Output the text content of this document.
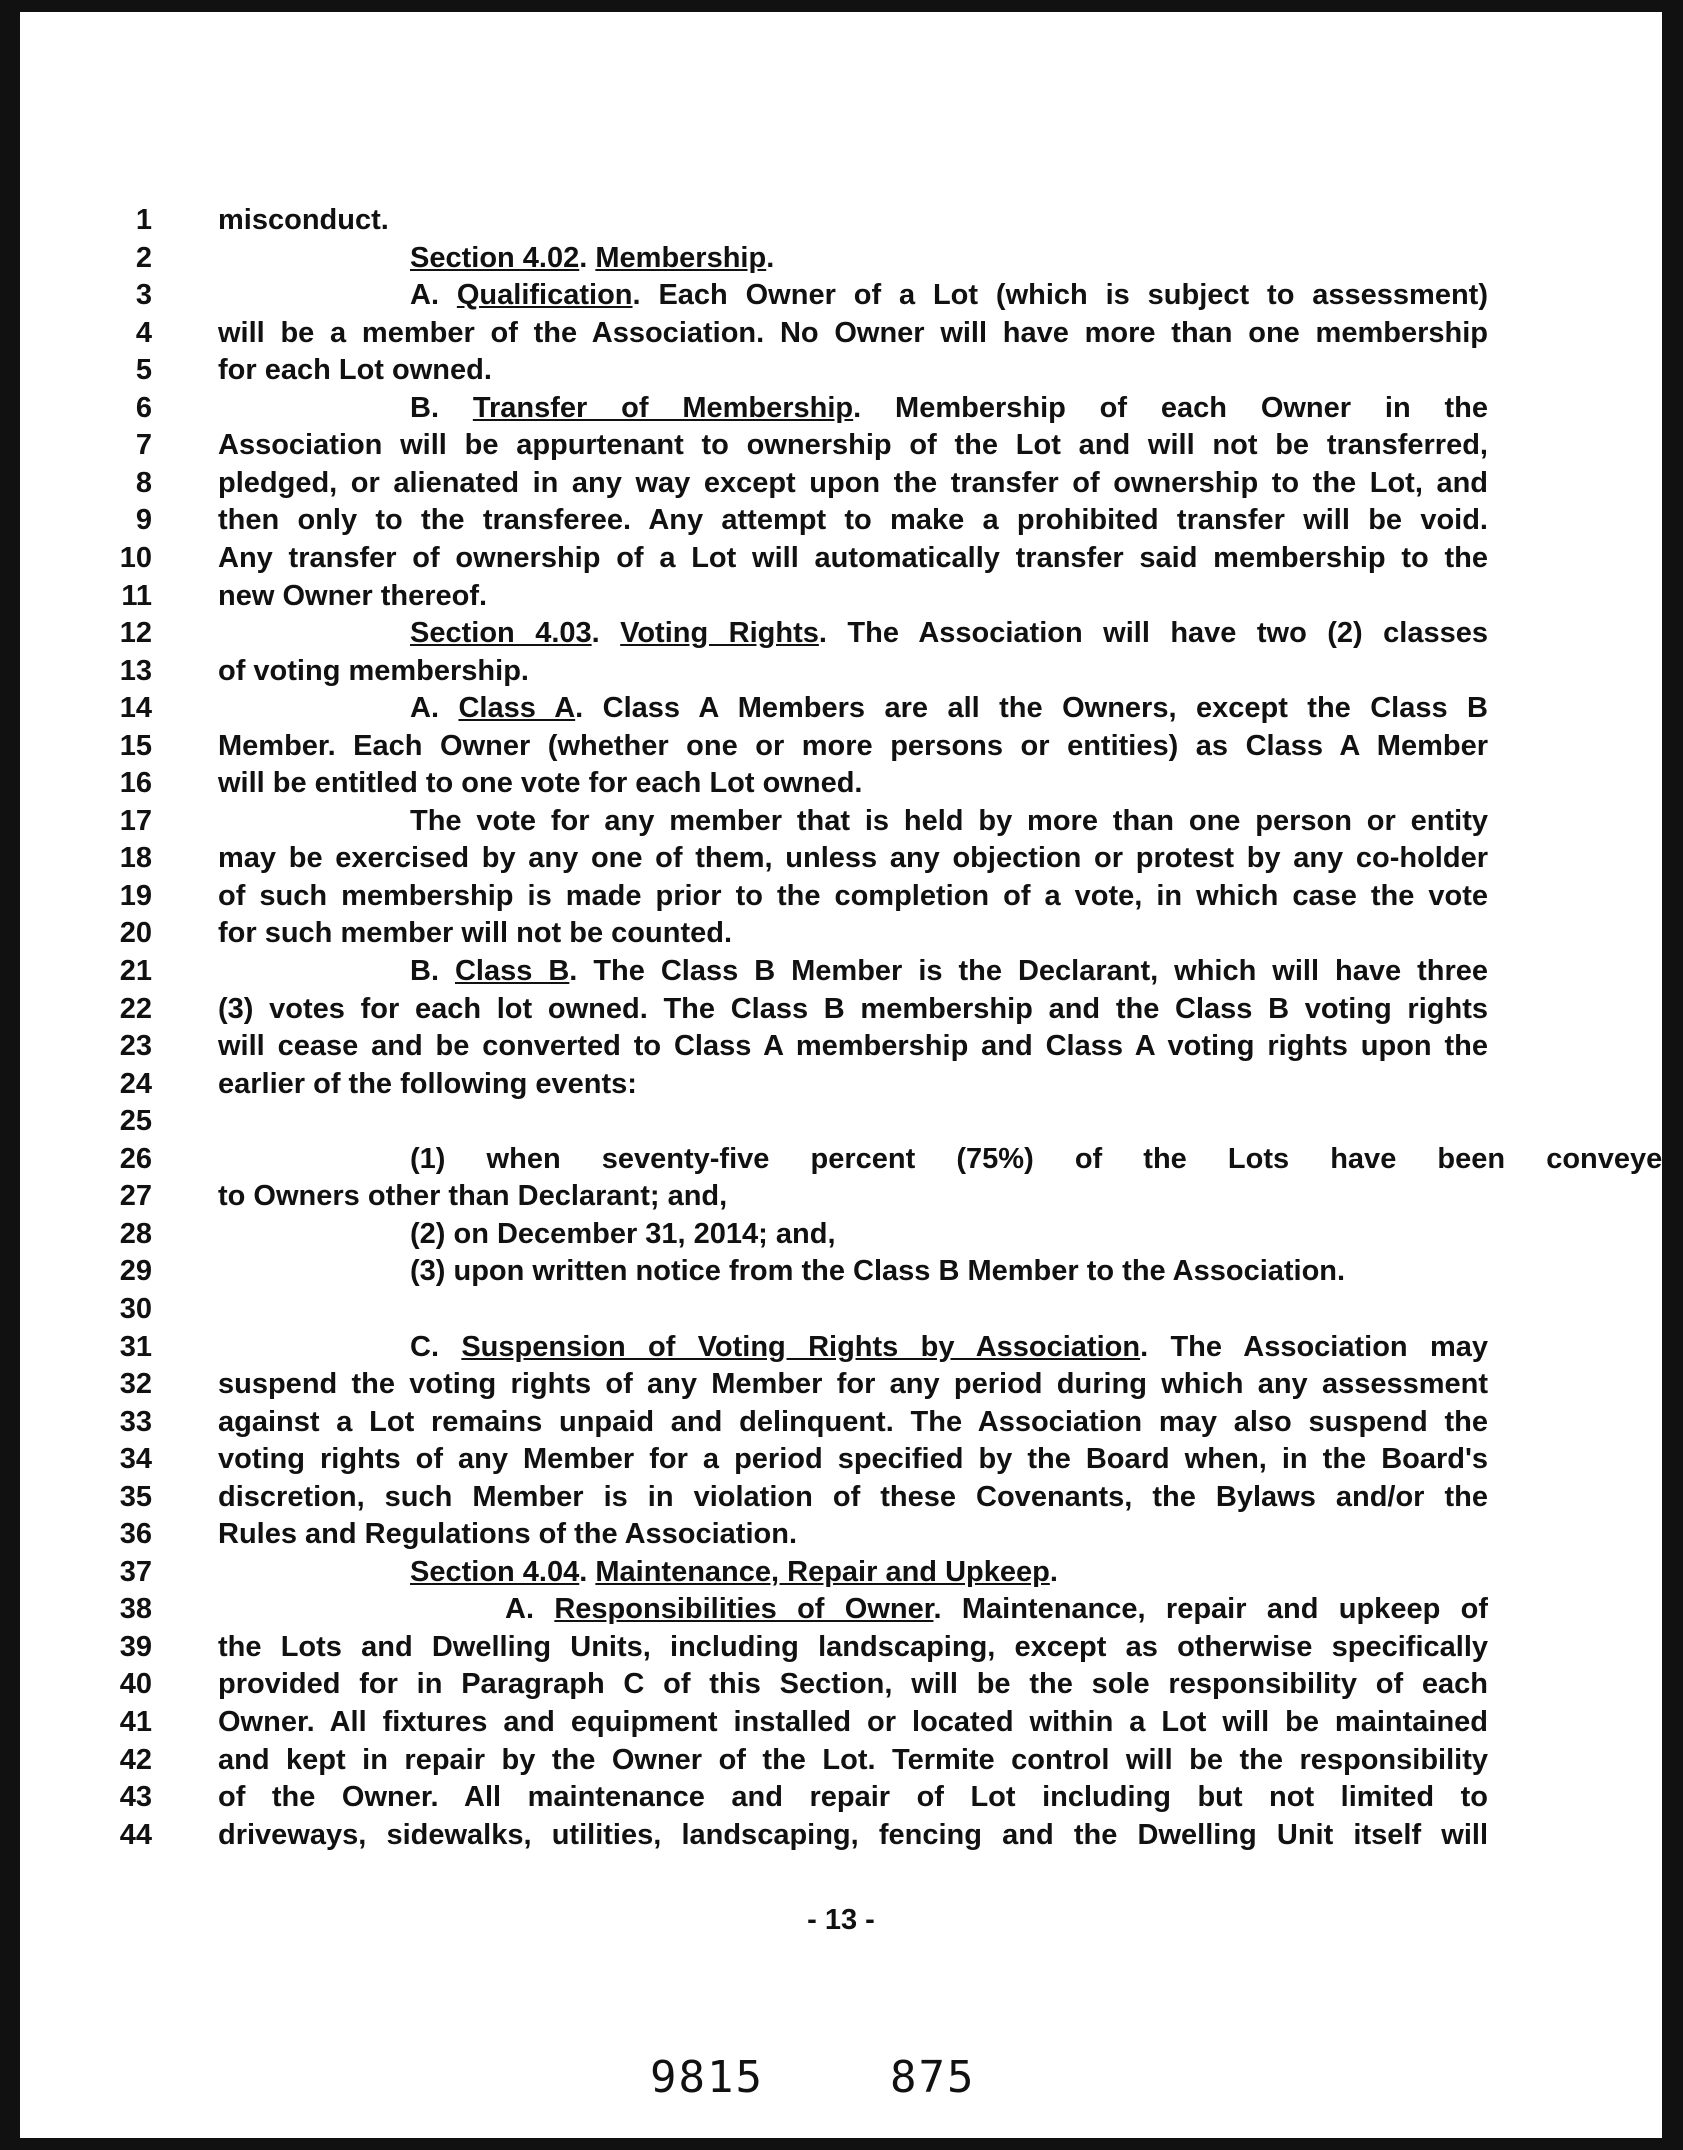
1 misconduct.
2	Section 4.02. Membership.
3	A. Qualification. Each Owner of a Lot (which is subject to assessment)
4 will be a member of the Association. No Owner will have more than one membership
5 for each Lot owned.
6	B. Transfer of Membership. Membership of each Owner in the
7 Association will be appurtenant to ownership of the Lot and will not be transferred,
8 pledged, or alienated in any way except upon the transfer of ownership to the Lot, and
9 then only to the transferee. Any attempt to make a prohibited transfer will be void.
10 Any transfer of ownership of a Lot will automatically transfer said membership to the
11 new Owner thereof.
12	Section 4.03. Voting Rights. The Association will have two (2) classes
13 of voting membership.
14	A. Class A. Class A Members are all the Owners, except the Class B
15 Member. Each Owner (whether one or more persons or entities) as Class A Member
16 will be entitled to one vote for each Lot owned.
17	The vote for any member that is held by more than one person or entity
18 may be exercised by any one of them, unless any objection or protest by any co-holder
19 of such membership is made prior to the completion of a vote, in which case the vote
20 for such member will not be counted.
21	B. Class B. The Class B Member is the Declarant, which will have three
22 (3) votes for each lot owned. The Class B membership and the Class B voting rights
23 will cease and be converted to Class A membership and Class A voting rights upon the
24 earlier of the following events:
25
26	(1) when seventy-five percent (75%) of the Lots have been conveyed
27 to Owners other than Declarant; and,
28	(2) on December 31, 2014; and,
29	(3) upon written notice from the Class B Member to the Association.
30
31	C. Suspension of Voting Rights by Association. The Association may
32 suspend the voting rights of any Member for any period during which any assessment
33 against a Lot remains unpaid and delinquent. The Association may also suspend the
34 voting rights of any Member for a period specified by the Board when, in the Board's
35 discretion, such Member is in violation of these Covenants, the Bylaws and/or the
36 Rules and Regulations of the Association.
37	Section 4.04. Maintenance, Repair and Upkeep.
38	A. Responsibilities of Owner. Maintenance, repair and upkeep of
39 the Lots and Dwelling Units, including landscaping, except as otherwise specifically
40 provided for in Paragraph C of this Section, will be the sole responsibility of each
41 Owner. All fixtures and equipment installed or located within a Lot will be maintained
42 and kept in repair by the Owner of the Lot. Termite control will be the responsibility
43 of the Owner. All maintenance and repair of Lot including but not limited to
44 driveways, sidewalks, utilities, landscaping, fencing and the Dwelling Unit itself will
- 13 -
9815	875
